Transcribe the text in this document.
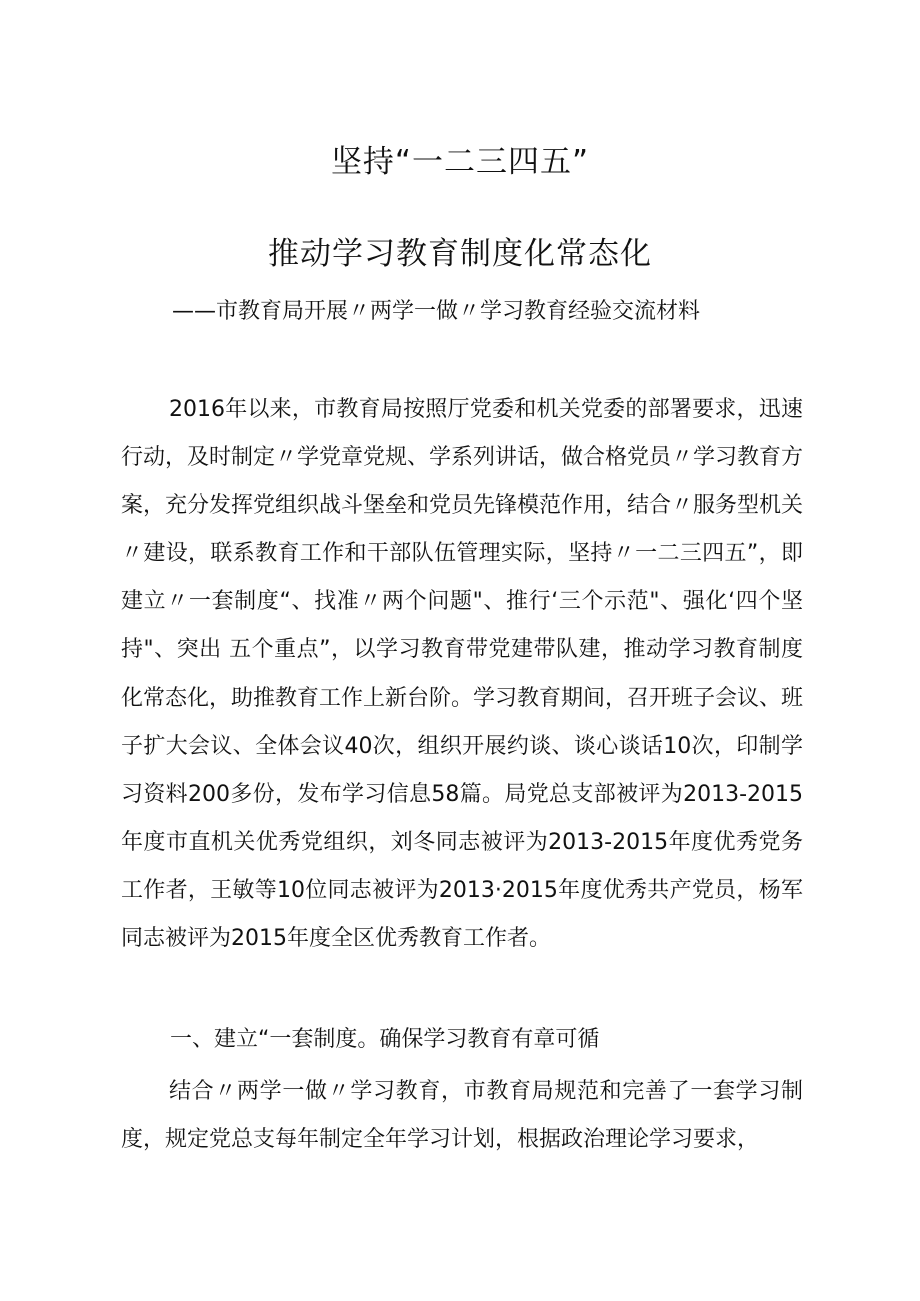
坚持“一二三四五”
推动学习教育制度化常态化
——市教育局开展〃两学一做〃学习教育经验交流材料
2016年以来，市教育局按照厅党委和机关党委的部署要求，迅速行动，及时制定〃学党章党规、学系列讲话，做合格党员〃学习教育方案，充分发挥党组织战斗堡垒和党员先锋模范作用，结合〃服务型机关〃建设，联系教育工作和干部队伍管理实际，坚持〃一二三四五”，即建立〃一套制度“、找准〃两个问题"、推行‘三个示范"、强化‘四个坚持"、突出 五个重点”，以学习教育带党建带队建，推动学习教育制度化常态化，助推教育工作上新台阶。学习教育期间，召开班子会议、班子扩大会议、全体会议40次，组织开展约谈、谈心谈话10次，印制学习资料200多份，发布学习信息58篇。局党总支部被评为2013-2015年度市直机关优秀党组织，刘冬同志被评为2013-2015年度优秀党务工作者，王敏等10位同志被评为2013·2015年度优秀共产党员，杨军同志被评为2015年度全区优秀教育工作者。
一、建立“一套制度。确保学习教育有章可循
结合〃两学一做〃学习教育，市教育局规范和完善了一套学习制度，规定党总支每年制定全年学习计划，根据政治理论学习要求，
